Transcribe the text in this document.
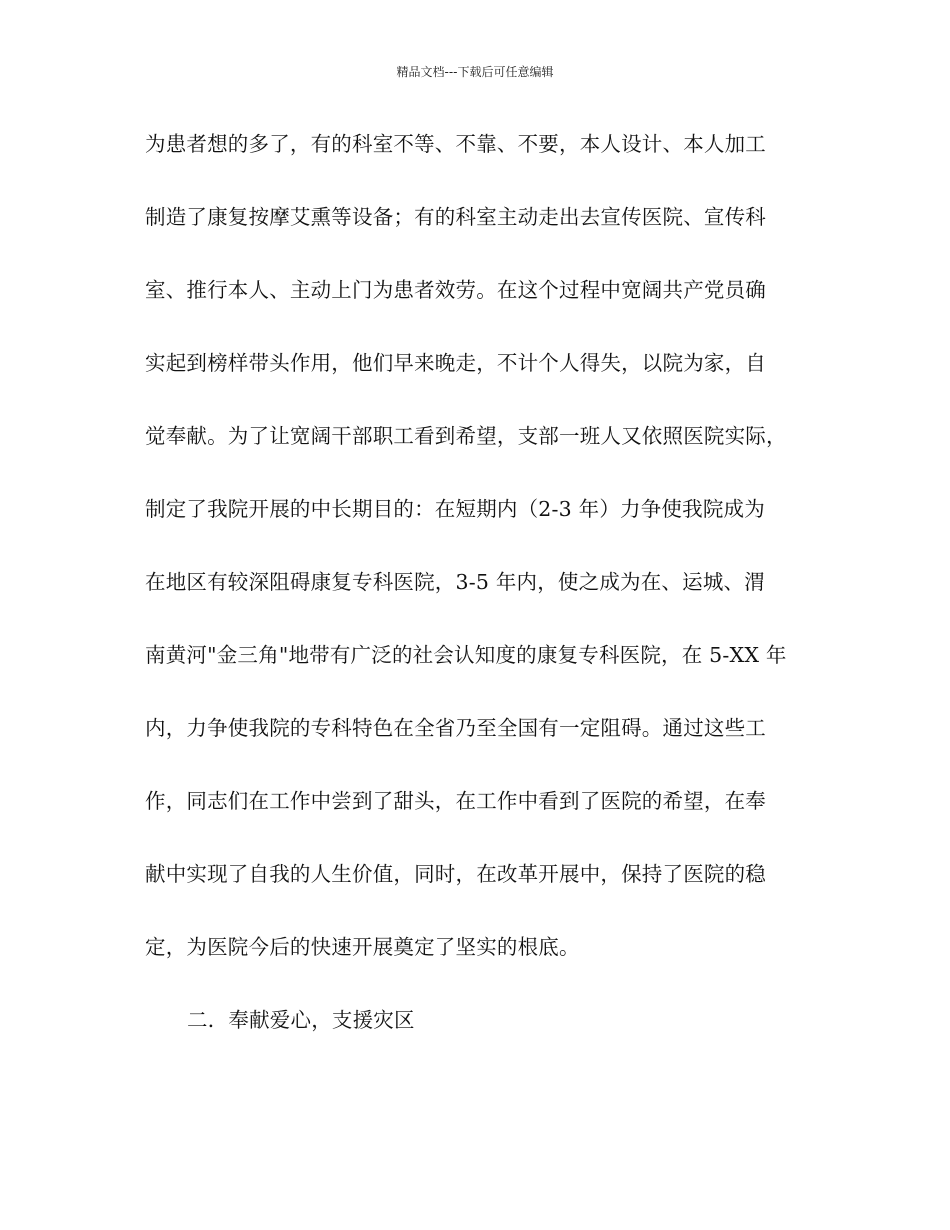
精品文档---下载后可任意编辑
为患者想的多了，有的科室不等、不靠、不要，本人设计、本人加工
制造了康复按摩艾熏等设备；有的科室主动走出去宣传医院、宣传科
室、推行本人、主动上门为患者效劳。在这个过程中宽阔共产党员确
实起到榜样带头作用，他们早来晚走，不计个人得失，以院为家，自
觉奉献。为了让宽阔干部职工看到希望，支部一班人又依照医院实际，
制定了我院开展的中长期目的：在短期内（2-3 年）力争使我院成为
在地区有较深阻碍康复专科医院，3-5 年内，使之成为在、运城、渭
南黄河"金三角"地带有广泛的社会认知度的康复专科医院，在 5-XX 年
内，力争使我院的专科特色在全省乃至全国有一定阻碍。通过这些工
作，同志们在工作中尝到了甜头，在工作中看到了医院的希望，在奉
献中实现了自我的人生价值，同时，在改革开展中，保持了医院的稳
定，为医院今后的快速开展奠定了坚实的根底。
二．奉献爱心，支援灾区
